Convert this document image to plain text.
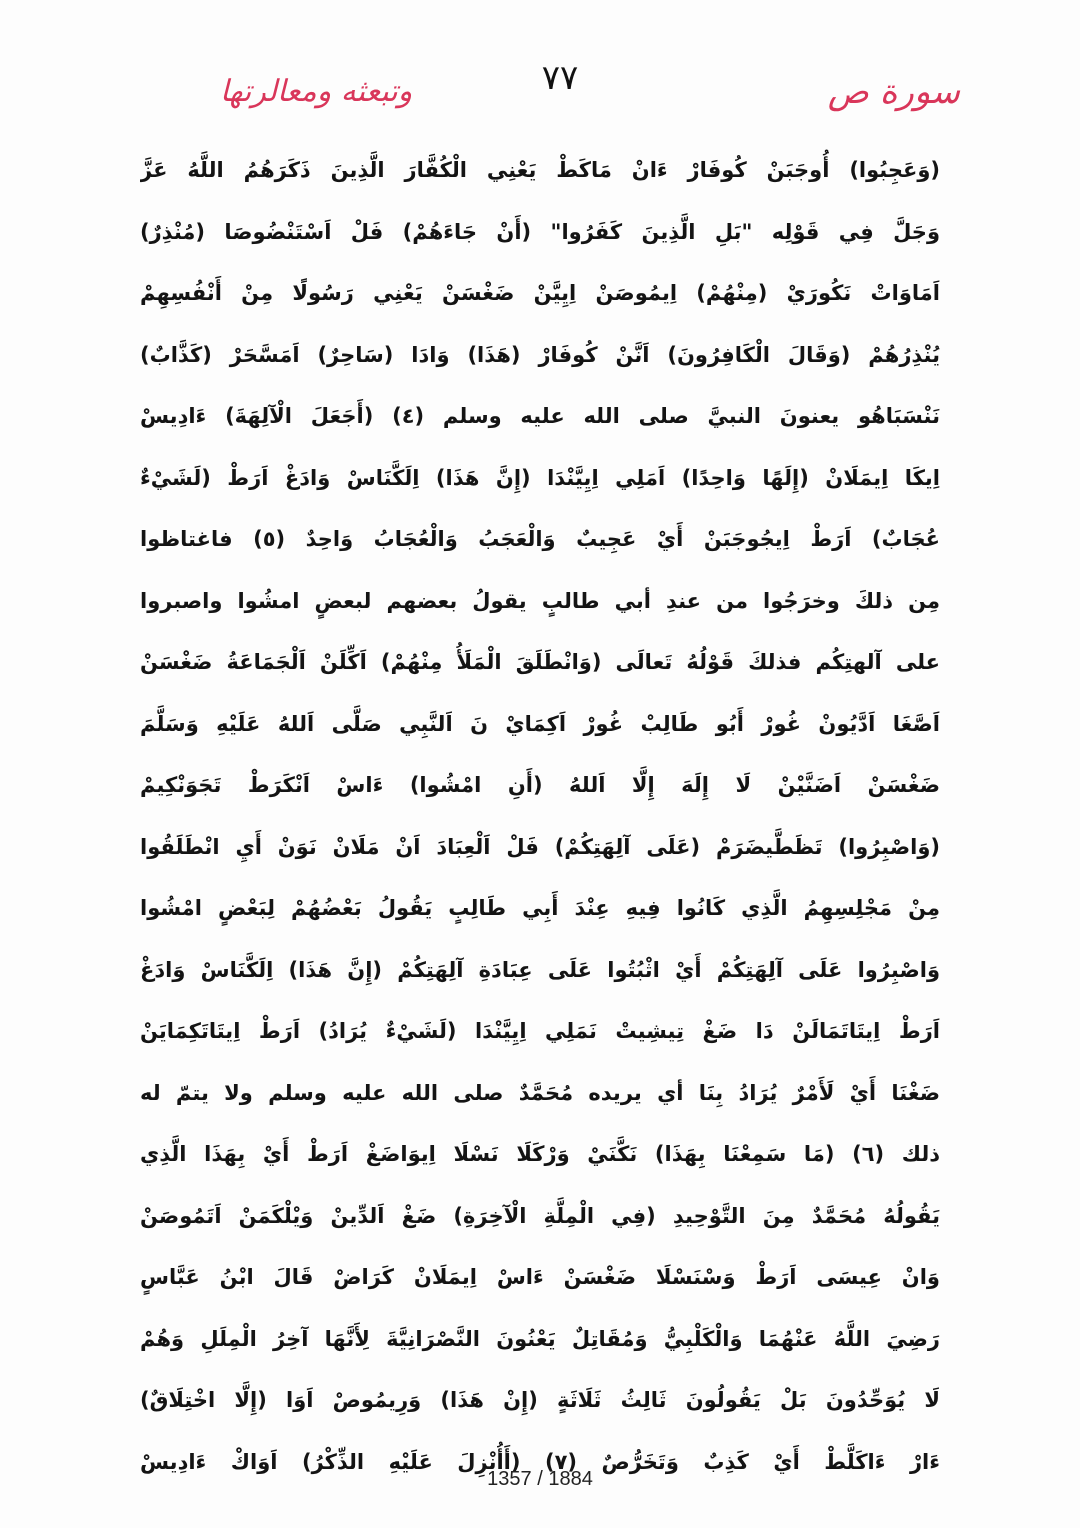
وتبعثه ومعالرتها	٧٧	سورة ص
(وَعَجِبُوا) أُوجَبَنْ كُوفَارْ ءَانْ مَاكَطْ يَعْنِي الْكُفَّارَ الَّذِينَ ذَكَرَهُمُ اللَّهُ عَزَّ
وَجَلَّ فِي قَوْلِه "بَلِ الَّذِينَ كَفَرُوا" (أَنْ جَاءَهُمْ) فَلْ اَسْتَنْضُوصَا (مُنْذِرٌ)
اَمَاوَاتْ نَكُورَيْ (مِنْهُمْ) اِيمُوصَنْ اِيِيَّنْ ضَغْسَنْ يَعْنِي رَسُولًا مِنْ أَنْفُسِهِمْ
يُنْذِرُهُمْ (وَقَالَ الْكَافِرُونَ) اَنَّنْ كُوفَارْ (هَذَا) وَادَا (سَاحِرٌ) اَمَسَّحَرْ (كَذَّابٌ)
نَنْسَبَاهُو يعنونَ النبيَّ صلى الله عليه وسلم (٤) (أَجَعَلَ الْآلِهَةَ) ءَادِيسْ
اِيكَا اِيمَلَانْ (إِلَهًا وَاحِدًا) اَمَلِي اِيِيَّنْدَا (إِنَّ هَذَا) اِلَكَّنَاسْ وَادَغْ اَرَطْ (لَشَيْءٌ
عُجَابٌ) اَرَطْ اِيجُوجَبَنْ أَيْ عَجِيبٌ وَالْعَجَبُ وَالْعُجَابُ وَاحِدٌ (٥) فاغتاظوا
مِن ذلكَ وخرَجُوا من عندِ أبي طالبٍ يقولُ بعضهم لبعضٍ امشُوا واصبروا
على آلهتِكُم فذلكَ قَوْلُهُ تَعالَى (وَانْطَلَقَ الْمَلَأُ مِنْهُمْ) اَكِّلَنْ اَلْجَمَاعَةُ ضَغْسَنْ
اَصَّغَا اَدَّيُونْ غُورْ أَبُو طَالِبْ غُورْ اَكِمَايْ نَ اَلنَّبِي صَلَّى اَللهُ عَلَيْهِ وَسَلَّمَ
ضَغْسَنْ اَضَنَّيْنْ لَا إِلَهَ إِلَّا اَللهُ (أَنِ امْشُوا) ءَاسْ اَنْكَرَطْ تَجَوَنْكِيمْ
(وَاصْبِرُوا) تَظَطَّيضَرَمْ (عَلَى آلِهَتِكُمْ) فَلْ اَلْعِبَادَ اَنْ مَلَانْ نَوَنْ أَيِ انْطَلَقُوا
مِنْ مَجْلِسِهِمُ الَّذِي كَانُوا فِيهِ عِنْدَ أَبِي طَالِبٍ يَقُولُ بَعْضُهُمْ لِبَعْضٍ امْشُوا
وَاصْبِرُوا عَلَى آلِهَتِكُمْ أَيْ اثْبُتُوا عَلَى عِبَادَةِ آلِهَتِكُمْ (إِنَّ هَذَا) اِلَكَّنَاسْ وَادَغْ
اَرَطْ اِيتَاتَمَالَنْ دَا ضَغْ تِيشِيتْ نَمَلِي اِيِيَّنْدَا (لَشَيْءٌ يُرَادُ) اَرَطْ اِيتَاتَكِمَايَنْ
ضَغْنَا أَيْ لَأَمْرٌ يُرَادُ بِنَا أي يريده مُحَمَّدٌ صلى الله عليه وسلم ولا يتمّ له
ذلك (٦) (مَا سَمِعْنَا بِهَذَا) نَكَّنَيْ وَرْكَلَا نَسْلَا اِيوَاضَغْ اَرَطْ أَيْ بِهَذَا الَّذِي
يَقُولُهُ مُحَمَّدٌ مِنَ التَّوْحِيدِ (فِي الْمِلَّةِ الْآخِرَةِ) ضَغْ اَلدِّينْ وَيْلْكَمَنْ اَتَمُوصَنْ
وَانْ عِيسَى اَرَطْ وَسْنَسْلَا ضَغْسَنْ ءَاسْ اِيمَلَانْ كَرَاضْ قَالَ ابْنُ عَبَّاسٍ
رَضِيَ اللَّهُ عَنْهُمَا وَالْكَلْبِيُّ وَمُقَاتِلٌ يَعْنُونَ النَّصْرَانِيَّةَ لِأَنَّهَا آخِرُ الْمِلَلِ وَهُمْ
لَا يُوَحِّدُونَ بَلْ يَقُولُونَ ثَالِثُ ثَلَاثَةٍ (إِنْ هَذَا) وَرِيمُوصْ اَوَا (إِلَّا اخْتِلَاقٌ)
ءَارْ ءَاكَلَّطْ أَيْ كَذِبٌ وَتَخَرُّصٌ (٧) (أَأُنْزِلَ عَلَيْهِ الذِّكْرُ) اَوَاكْ ءَادِيسْ
1357 / 1884
